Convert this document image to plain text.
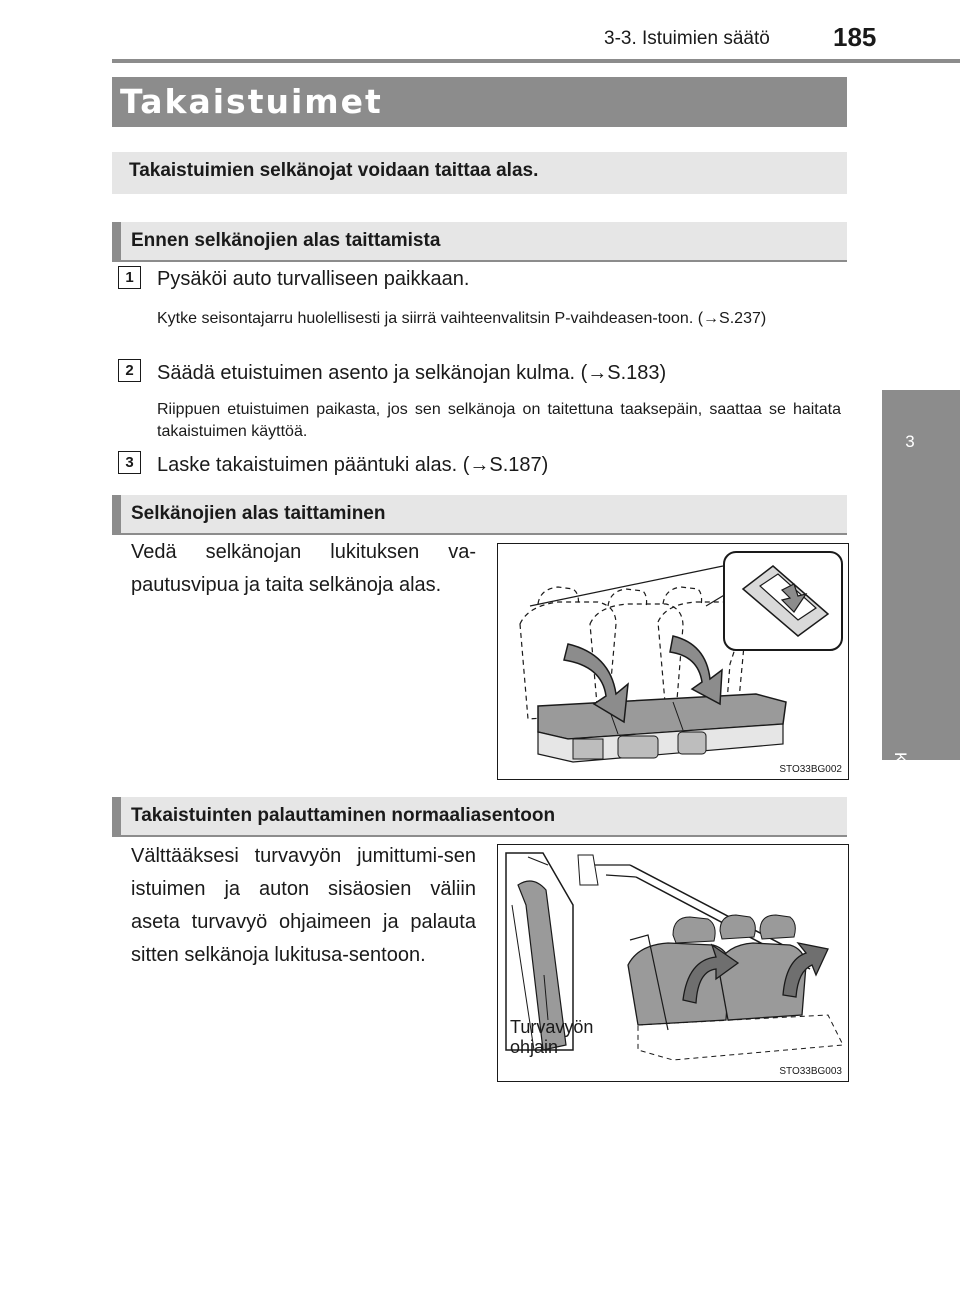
3-3. Istuimien säätö 185
3
Kunkin komponentin toiminta
Takaistuimet
Takaistuimien selkänojat voidaan taittaa alas.
Ennen selkänojien alas taittamista
1	Pysäköi auto turvalliseen paikkaan.
Kytke seisontajarru huolellisesti ja siirrä vaihteenvalitsin P-vaihdeasen-toon. (→S.237)
2	Säädä etuistuimen asento ja selkänojan kulma. (→S.183)
Riippuen etuistuimen paikasta, jos sen selkänoja on taitettuna taaksepäin, saattaa se haitata takaistuimen käyttöä.
3	Laske takaistuimen pääntuki alas. (→S.187)
Selkänojien alas taittaminen
Vedä selkänojan lukituksen va-pautusvipua ja taita selkänoja alas.
STO33BG002
Takaistuinten palauttaminen normaaliasentoon
Välttääksesi turvavyön jumittumi-sen istuimen ja auton sisäosien väliin aseta turvavyö ohjaimeen ja palauta sitten selkänoja lukitusa-sentoon.
Turvavyön
ohjain
STO33BG003
